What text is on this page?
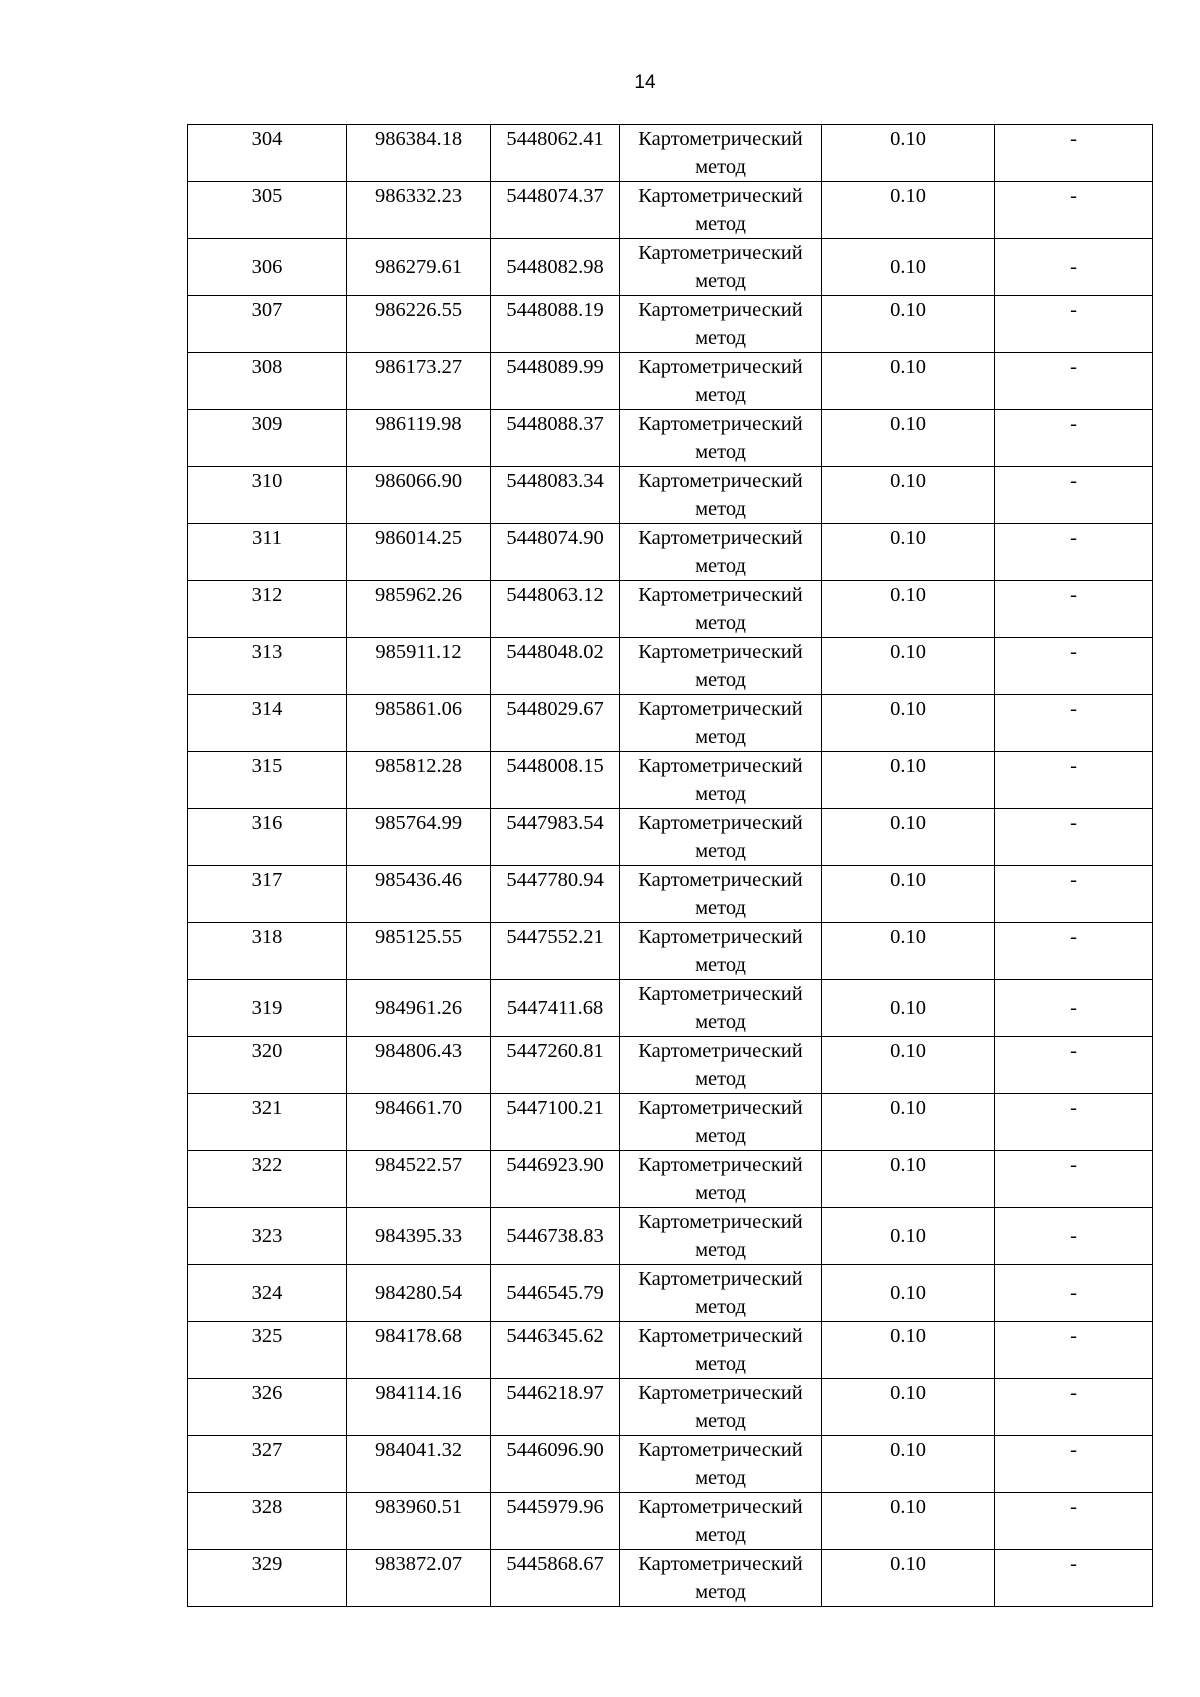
14
304	986384.18	5448062.41	Картометрический метод	0.10	-
305	986332.23	5448074.37	Картометрический метод	0.10	-
306	986279.61	5448082.98	Картометрический метод	0.10	-
307	986226.55	5448088.19	Картометрический метод	0.10	-
308	986173.27	5448089.99	Картометрический метод	0.10	-
309	986119.98	5448088.37	Картометрический метод	0.10	-
310	986066.90	5448083.34	Картометрический метод	0.10	-
311	986014.25	5448074.90	Картометрический метод	0.10	-
312	985962.26	5448063.12	Картометрический метод	0.10	-
313	985911.12	5448048.02	Картометрический метод	0.10	-
314	985861.06	5448029.67	Картометрический метод	0.10	-
315	985812.28	5448008.15	Картометрический метод	0.10	-
316	985764.99	5447983.54	Картометрический метод	0.10	-
317	985436.46	5447780.94	Картометрический метод	0.10	-
318	985125.55	5447552.21	Картометрический метод	0.10	-
319	984961.26	5447411.68	Картометрический метод	0.10	-
320	984806.43	5447260.81	Картометрический метод	0.10	-
321	984661.70	5447100.21	Картометрический метод	0.10	-
322	984522.57	5446923.90	Картометрический метод	0.10	-
323	984395.33	5446738.83	Картометрический метод	0.10	-
324	984280.54	5446545.79	Картометрический метод	0.10	-
325	984178.68	5446345.62	Картометрический метод	0.10	-
326	984114.16	5446218.97	Картометрический метод	0.10	-
327	984041.32	5446096.90	Картометрический метод	0.10	-
328	983960.51	5445979.96	Картометрический метод	0.10	-
329	983872.07	5445868.67	Картометрический метод	0.10	-
